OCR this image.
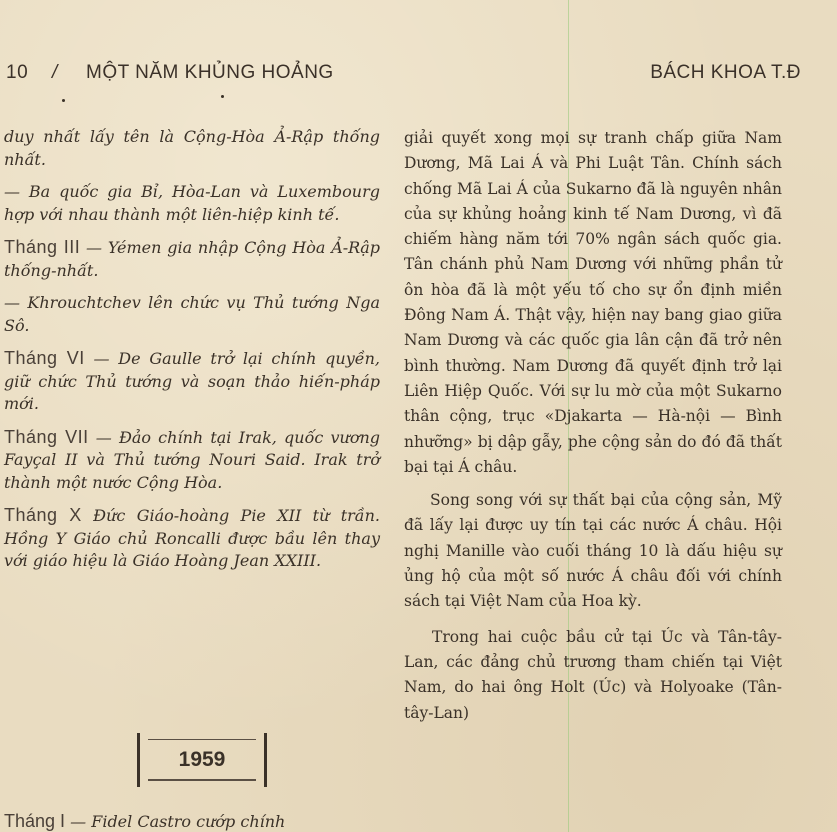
10 / MỘT NĂM KHỦNG HOẢNG	BÁCH KHOA T.Đ

duy nhất lấy tên là Cộng-Hòa Ả-Rập thống nhất.

— Ba quốc gia Bỉ, Hòa-Lan và Luxembourg hợp với nhau thành một liên-hiệp kinh tế.

Tháng III — Yémen gia nhập Cộng Hòa Ả-Rập thống-nhất.

— Khrouchtchev lên chức vụ Thủ tướng Nga Sô.

Tháng VI — De Gaulle trở lại chính quyền, giữ chức Thủ tướng và soạn thảo hiến-pháp mới.

Tháng VII — Đảo chính tại Irak, quốc vương Fayçal II và Thủ tướng Nouri Said. Irak trở thành một nước Cộng Hòa.

Tháng X Đức Giáo-hoàng Pie XII từ trần. Hồng Y Giáo chủ Roncalli được bầu lên thay với giáo hiệu là Giáo Hoàng Jean XXIII.

1959
Tháng I — Fidel Castro cướp chính

giải quyết xong mọi sự tranh chấp giữa Nam Dương, Mã Lai Á và Phi Luật Tân. Chính sách chống Mã Lai Á của Sukarno đã là nguyên nhân của sự khủng hoảng kinh tế Nam Dương, vì đã chiếm hàng năm tới 70% ngân sách quốc gia. Tân chánh phủ Nam Dương với những phần tử ôn hòa đã là một yếu tố cho sự ổn định miền Đông Nam Á. Thật vậy, hiện nay bang giao giữa Nam Dương và các quốc gia lân cận đã trở nên bình thường. Nam Dương đã quyết định trở lại Liên Hiệp Quốc. Với sự lu mờ của một Sukarno thân cộng, trục «Djakarta — Hà-nội — Bình nhưỡng» bị dập gẫy, phe cộng sản do đó đã thất bại tại Á châu.

Song song với sự thất bại của cộng sản, Mỹ đã lấy lại được uy tín tại các nước Á châu. Hội nghị Manille vào cuối tháng 10 là dấu hiệu sự ủng hộ của một số nước Á châu đối với chính sách tại Việt Nam của Hoa kỳ.

Trong hai cuộc bầu cử tại Úc và Tân-tây-Lan, các đảng chủ trương tham chiến tại Việt Nam, do hai ông Holt (Úc) và Holyoake (Tân-tây-Lan)
